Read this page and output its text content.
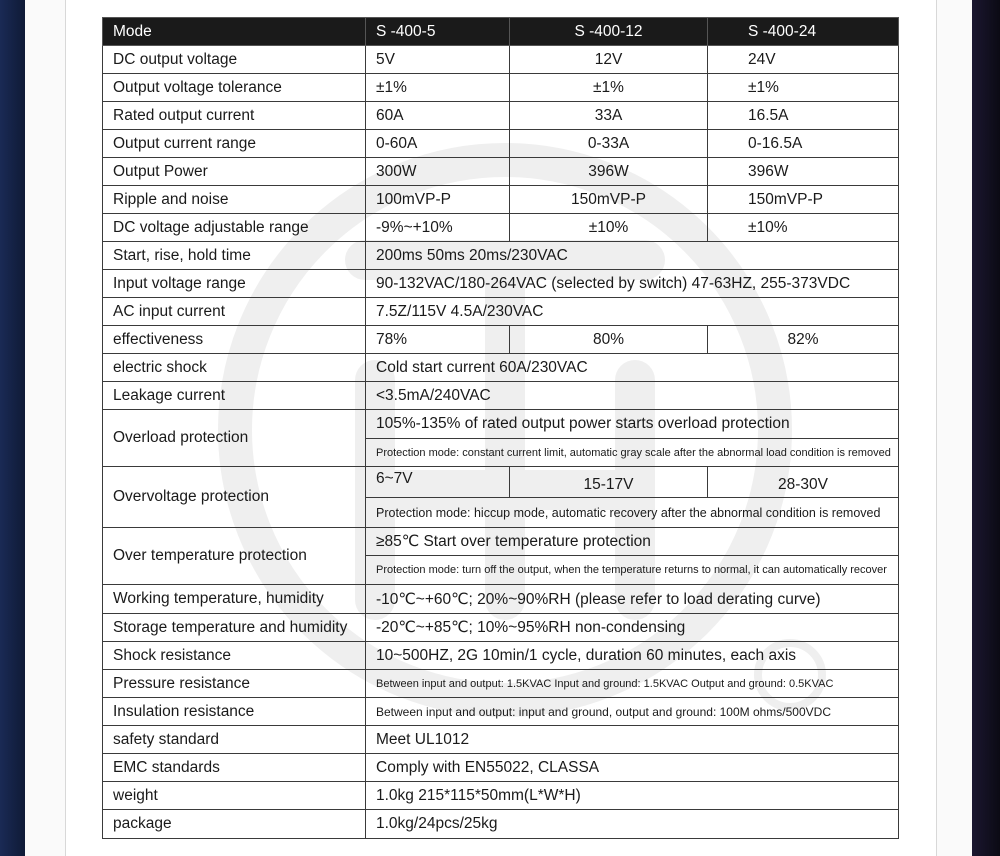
Mode	S -400-5	S -400-12	S -400-24
DC output voltage	5V	12V	24V
Output voltage tolerance	±1%	±1%	±1%
Rated output current	60A	33A	16.5A
Output current range	0-60A	0-33A	0-16.5A
Output Power	300W	396W	396W
Ripple and noise	100mVP-P	150mVP-P	150mVP-P
DC voltage adjustable range	-9%~+10%	±10%	±10%
Start, rise, hold time	200ms 50ms 20ms/230VAC		
Input voltage range	90-132VAC/180-264VAC (selected by switch) 47-63HZ, 255-373VDC		
AC input current	7.5Z/115V 4.5A/230VAC		
effectiveness	78%	80%	82%
electric shock	Cold start current 60A/230VAC		
Leakage current	<3.5mA/240VAC		
Overload protection	105%-135% of rated output power starts overload protection		
	Protection mode: constant current limit, automatic gray scale after the abnormal load condition is removed		
Overvoltage protection	6~7V	15-17V	28-30V
	Protection mode: hiccup mode, automatic recovery after the abnormal condition is removed		
Over temperature protection	≥85℃ Start over temperature protection		
	Protection mode: turn off the output, when the temperature returns to normal, it can automatically recover		
Working temperature, humidity	-10℃~+60℃; 20%~90%RH (please refer to load derating curve)		
Storage temperature and humidity	-20℃~+85℃; 10%~95%RH non-condensing		
Shock resistance	10~500HZ, 2G 10min/1 cycle, duration 60 minutes, each axis		
Pressure resistance	Between input and output: 1.5KVAC Input and ground: 1.5KVAC Output and ground: 0.5KVAC		
Insulation resistance	Between input and output: input and ground, output and ground: 100M ohms/500VDC		
safety standard	Meet UL1012		
EMC standards	Comply with EN55022, CLASSA		
weight	1.0kg 215*115*50mm(L*W*H)		
package	1.0kg/24pcs/25kg		
